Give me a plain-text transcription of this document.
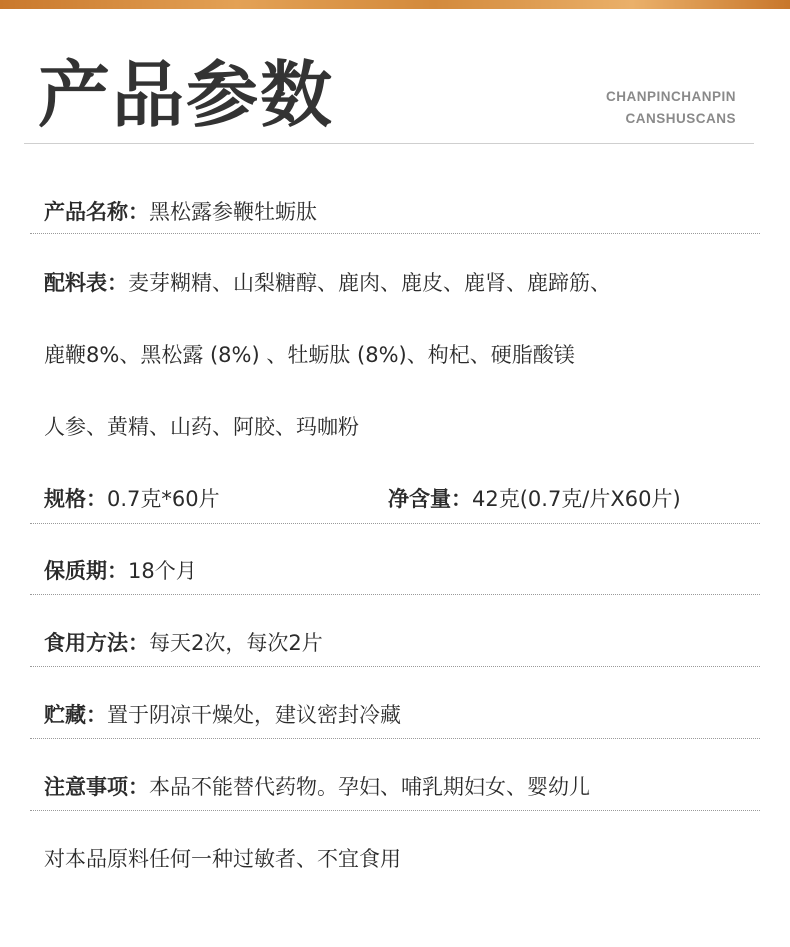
产品参数	CHANPINCHANPIN
CANSHUSCANS
产品名称：黑松露参鞭牡蛎肽
配料表：麦芽糊精、山梨糖醇、鹿肉、鹿皮、鹿肾、鹿蹄筋、
鹿鞭8%、黑松露 (8%) 、牡蛎肽 (8%)、枸杞、硬脂酸镁
人参、黄精、山药、阿胶、玛咖粉
规格：0.7克*60片	净含量：42克(0.7克/片X60片)
保质期：18个月
食用方法：每天2次，每次2片
贮藏：置于阴凉干燥处，建议密封冷藏
注意事项：本品不能替代药物。孕妇、哺乳期妇女、婴幼儿
对本品原料任何一种过敏者、不宜食用
